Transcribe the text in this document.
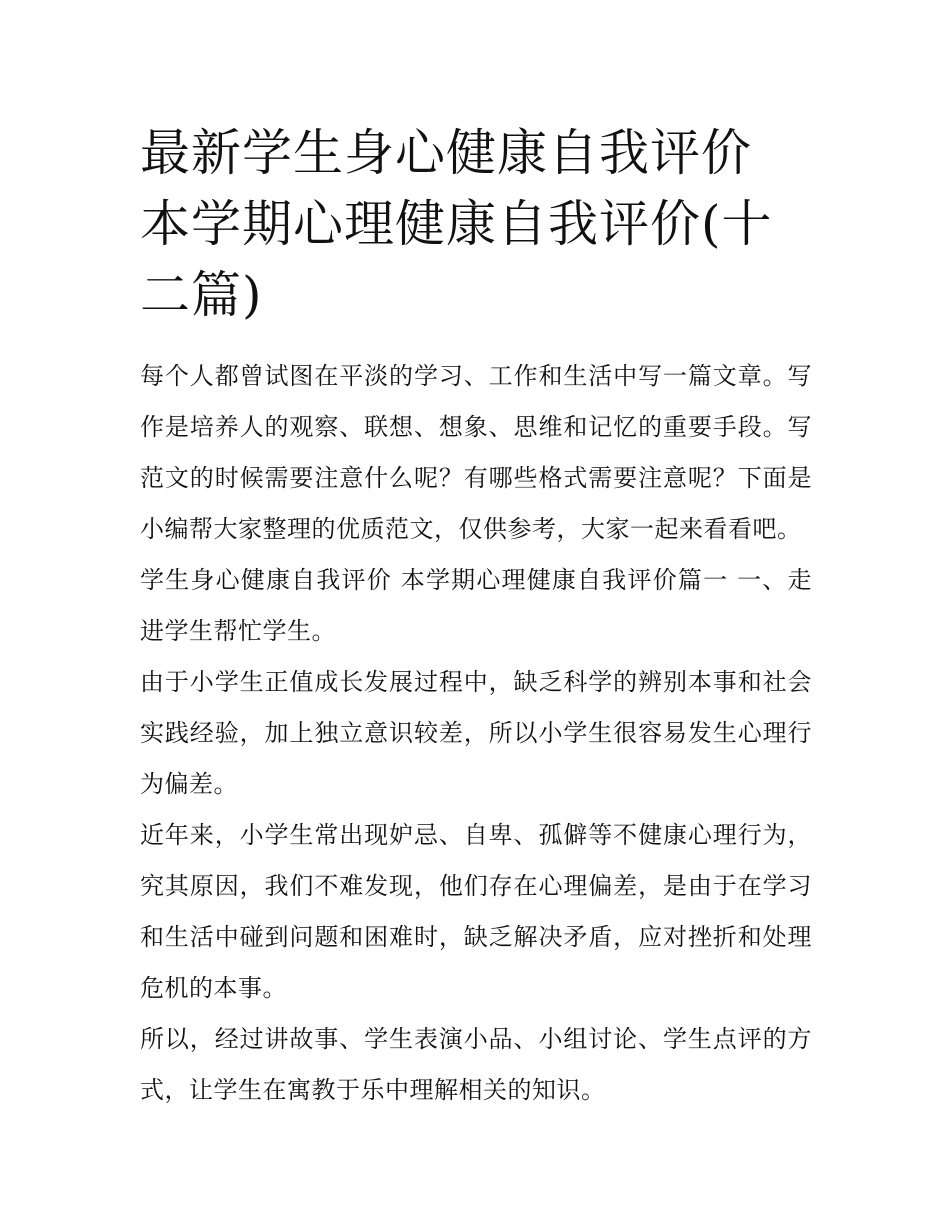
最新学生身心健康自我评价 本学期心理健康自我评价(十二篇)

每个人都曾试图在平淡的学习、工作和生活中写一篇文章。写作是培养人的观察、联想、想象、思维和记忆的重要手段。写范文的时候需要注意什么呢？有哪些格式需要注意呢？下面是小编帮大家整理的优质范文，仅供参考，大家一起来看看吧。

学生身心健康自我评价 本学期心理健康自我评价篇一 一、走进学生帮忙学生。

由于小学生正值成长发展过程中，缺乏科学的辨别本事和社会实践经验，加上独立意识较差，所以小学生很容易发生心理行为偏差。

近年来，小学生常出现妒忌、自卑、孤僻等不健康心理行为，究其原因，我们不难发现，他们存在心理偏差，是由于在学习和生活中碰到问题和困难时，缺乏解决矛盾，应对挫折和处理危机的本事。

所以，经过讲故事、学生表演小品、小组讨论、学生点评的方式，让学生在寓教于乐中理解相关的知识。
